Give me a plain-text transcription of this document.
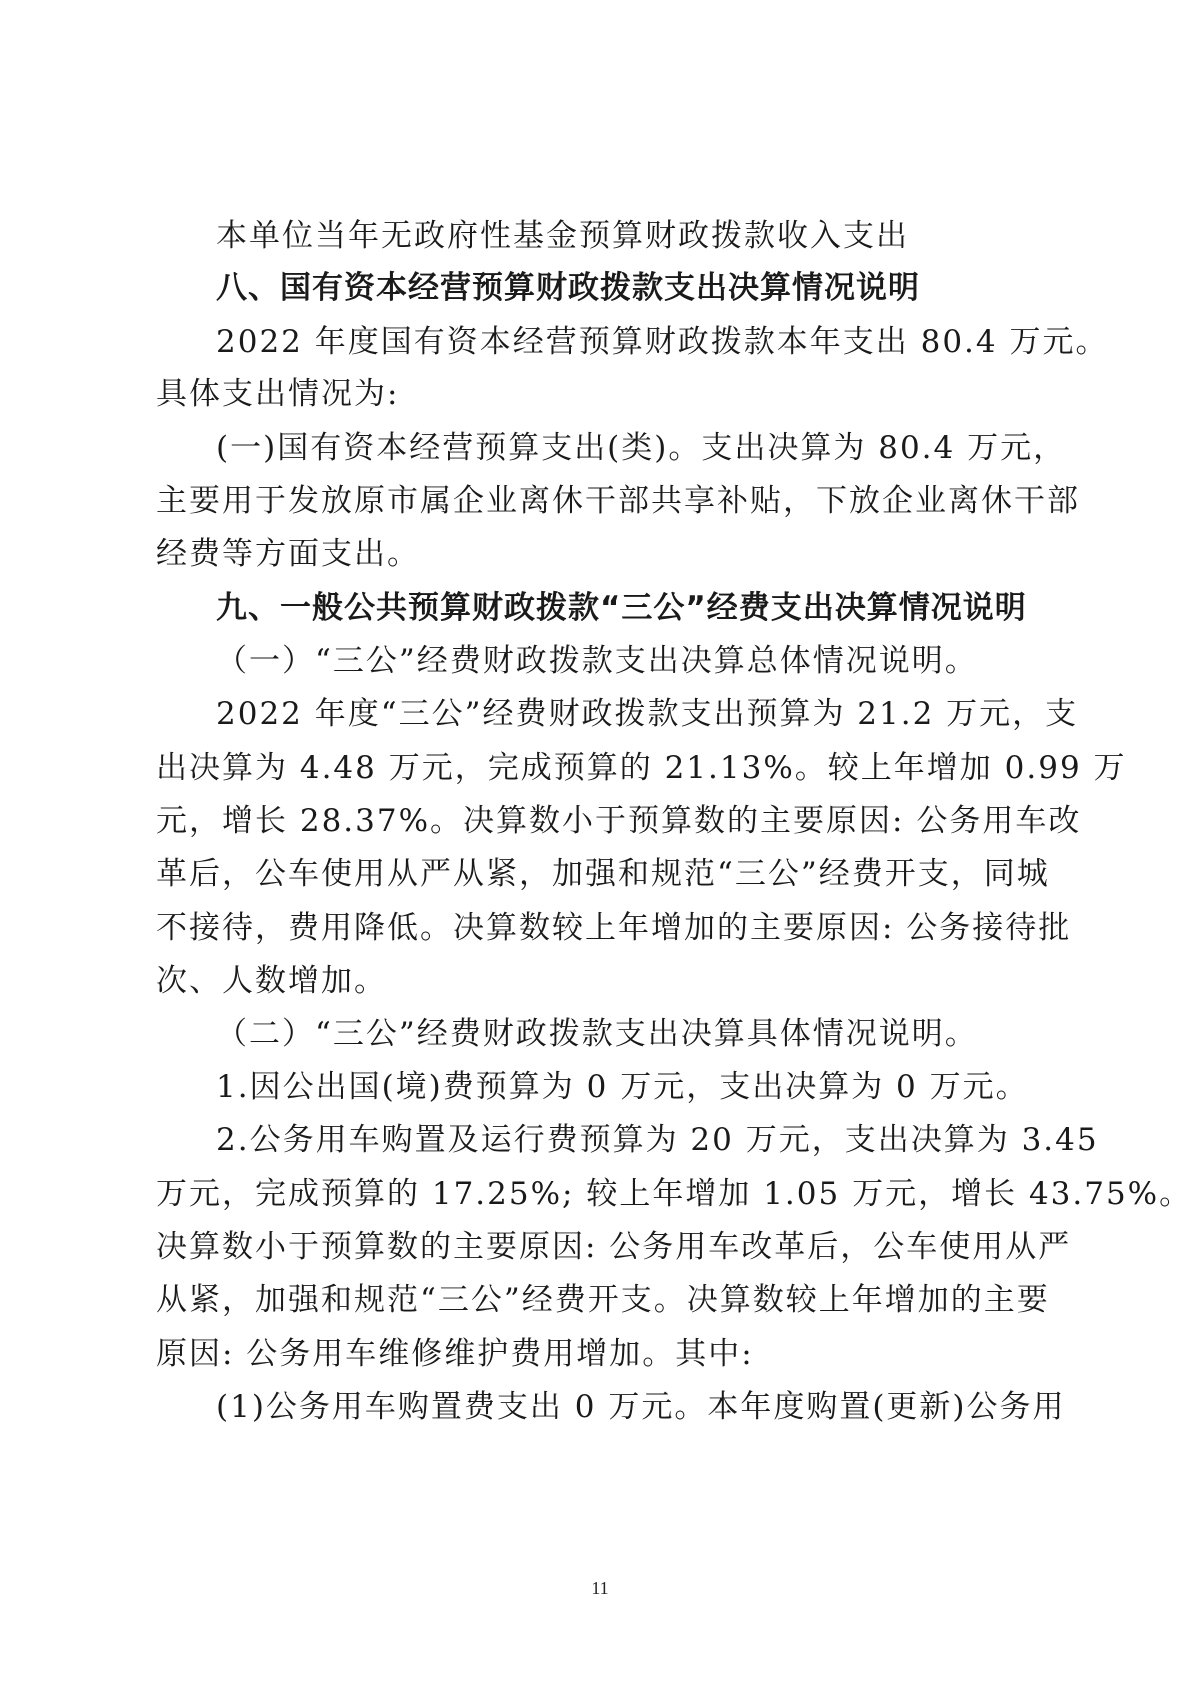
本单位当年无政府性基金预算财政拨款收入支出
八、国有资本经营预算财政拨款支出决算情况说明
2022 年度国有资本经营预算财政拨款本年支出 80.4 万元。
具体支出情况为:
(一)国有资本经营预算支出(类)。支出决算为 80.4 万元，
主要用于发放原市属企业离休干部共享补贴，下放企业离休干部
经费等方面支出。
九、一般公共预算财政拨款“三公”经费支出决算情况说明
（一）“三公”经费财政拨款支出决算总体情况说明。
2022 年度“三公”经费财政拨款支出预算为 21.2 万元，支
出决算为 4.48 万元，完成预算的 21.13%。较上年增加 0.99 万
元，增长 28.37%。决算数小于预算数的主要原因: 公务用车改
革后，公车使用从严从紧，加强和规范“三公”经费开支，同城
不接待，费用降低。决算数较上年增加的主要原因: 公务接待批
次、人数增加。
（二）“三公”经费财政拨款支出决算具体情况说明。
1.因公出国(境)费预算为 0 万元，支出决算为 0 万元。
2.公务用车购置及运行费预算为 20 万元，支出决算为 3.45
万元，完成预算的 17.25%; 较上年增加 1.05 万元，增长 43.75%。
决算数小于预算数的主要原因: 公务用车改革后，公车使用从严
从紧，加强和规范“三公”经费开支。决算数较上年增加的主要
原因: 公务用车维修维护费用增加。其中:
(1)公务用车购置费支出 0 万元。本年度购置(更新)公务用
11
